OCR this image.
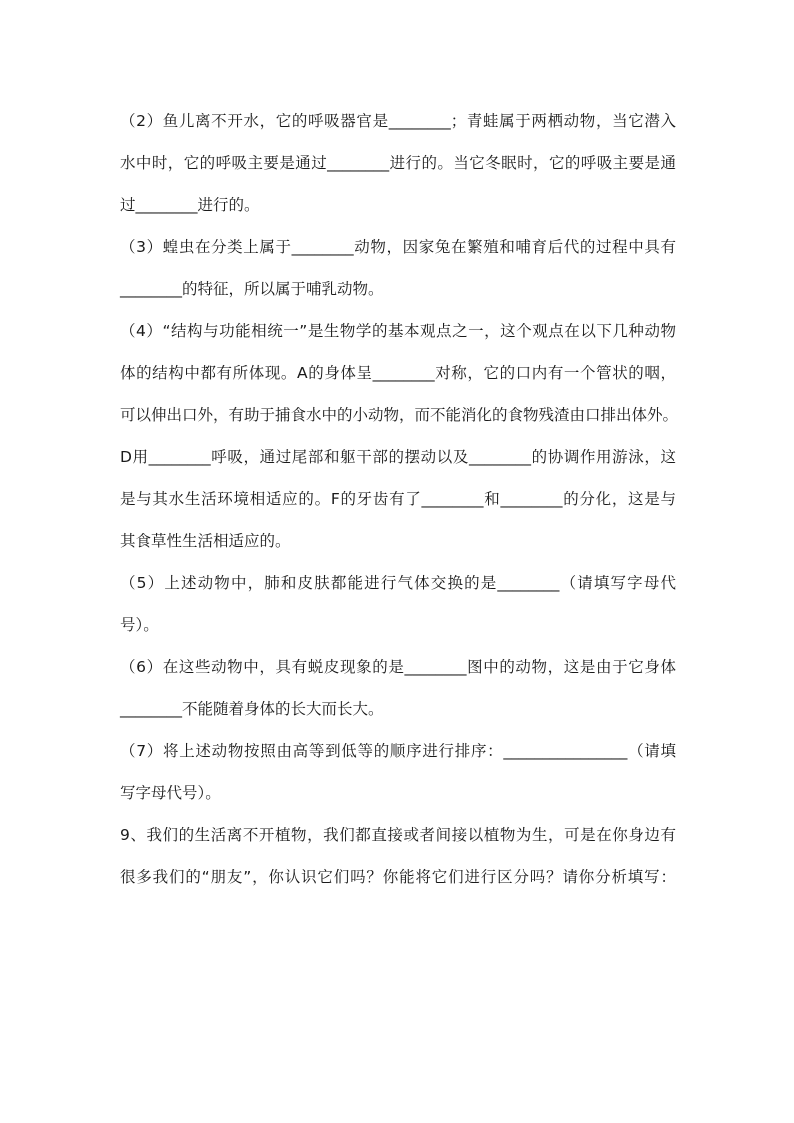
（2）鱼儿离不开水，它的呼吸器官是________；青蛙属于两栖动物，当它潜入
水中时，它的呼吸主要是通过________进行的。当它冬眠时，它的呼吸主要是通
过________进行的。
（3）蝗虫在分类上属于________动物，因家兔在繁殖和哺育后代的过程中具有
________的特征，所以属于哺乳动物。
（4）“结构与功能相统一”是生物学的基本观点之一，这个观点在以下几种动物
体的结构中都有所体现。A的身体呈________对称，它的口内有一个管状的咽，
可以伸出口外，有助于捕食水中的小动物，而不能消化的食物残渣由口排出体外。
D用________呼吸，通过尾部和躯干部的摆动以及________的协调作用游泳，这
是与其水生活环境相适应的。F的牙齿有了________和________的分化，这是与
其食草性生活相适应的。
（5）上述动物中，肺和皮肤都能进行气体交换的是________（请填写字母代
号）。
（6）在这些动物中，具有蜕皮现象的是________图中的动物，这是由于它身体
________不能随着身体的长大而长大。
（7）将上述动物按照由高等到低等的顺序进行排序：________________（请填
写字母代号）。
9、我们的生活离不开植物，我们都直接或者间接以植物为生，可是在你身边有
很多我们的“朋友”，你认识它们吗？你能将它们进行区分吗？请你分析填写：
